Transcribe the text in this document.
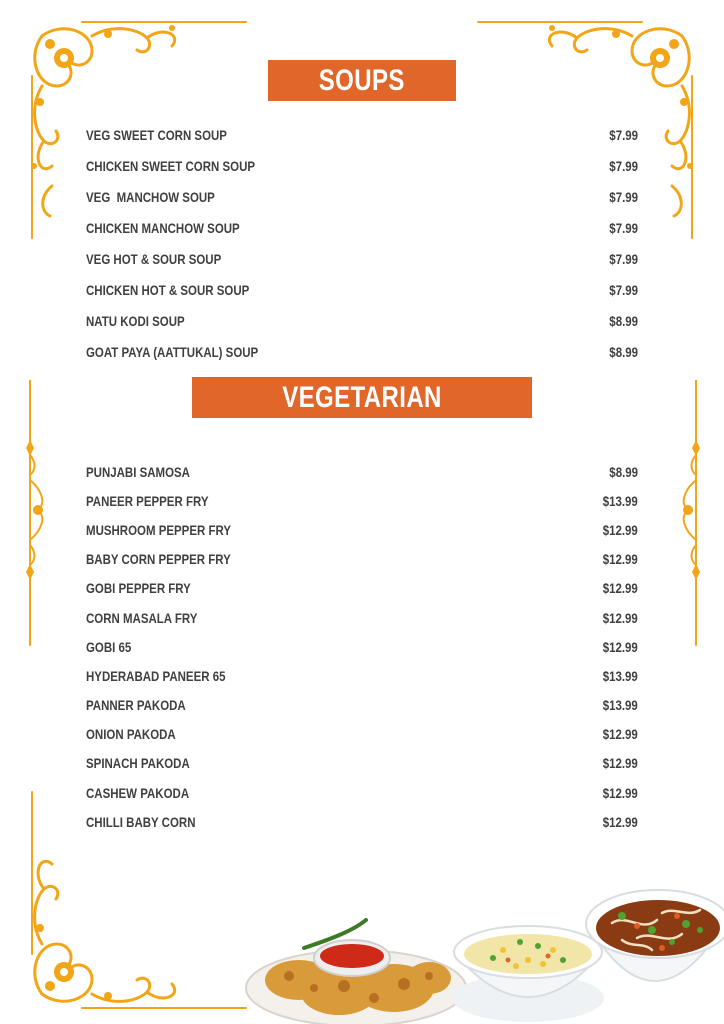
SOUPS
VEG SWEET CORN SOUP	$7.99
CHICKEN SWEET CORN SOUP	$7.99
VEG  MANCHOW SOUP	$7.99
CHICKEN MANCHOW SOUP	$7.99
VEG HOT & SOUR SOUP	$7.99
CHICKEN HOT & SOUR SOUP	$7.99
NATU KODI SOUP	$8.99
GOAT PAYA (AATTUKAL) SOUP	$8.99
VEGETARIAN APPETIZERS
PUNJABI SAMOSA	$8.99
PANEER PEPPER FRY	$13.99
MUSHROOM PEPPER FRY	$12.99
BABY CORN PEPPER FRY	$12.99
GOBI PEPPER FRY	$12.99
CORN MASALA FRY	$12.99
GOBI 65	$12.99
HYDERABAD PANEER 65	$13.99
PANNER PAKODA	$13.99
ONION PAKODA	$12.99
SPINACH PAKODA	$12.99
CASHEW PAKODA	$12.99
CHILLI BABY CORN	$12.99
